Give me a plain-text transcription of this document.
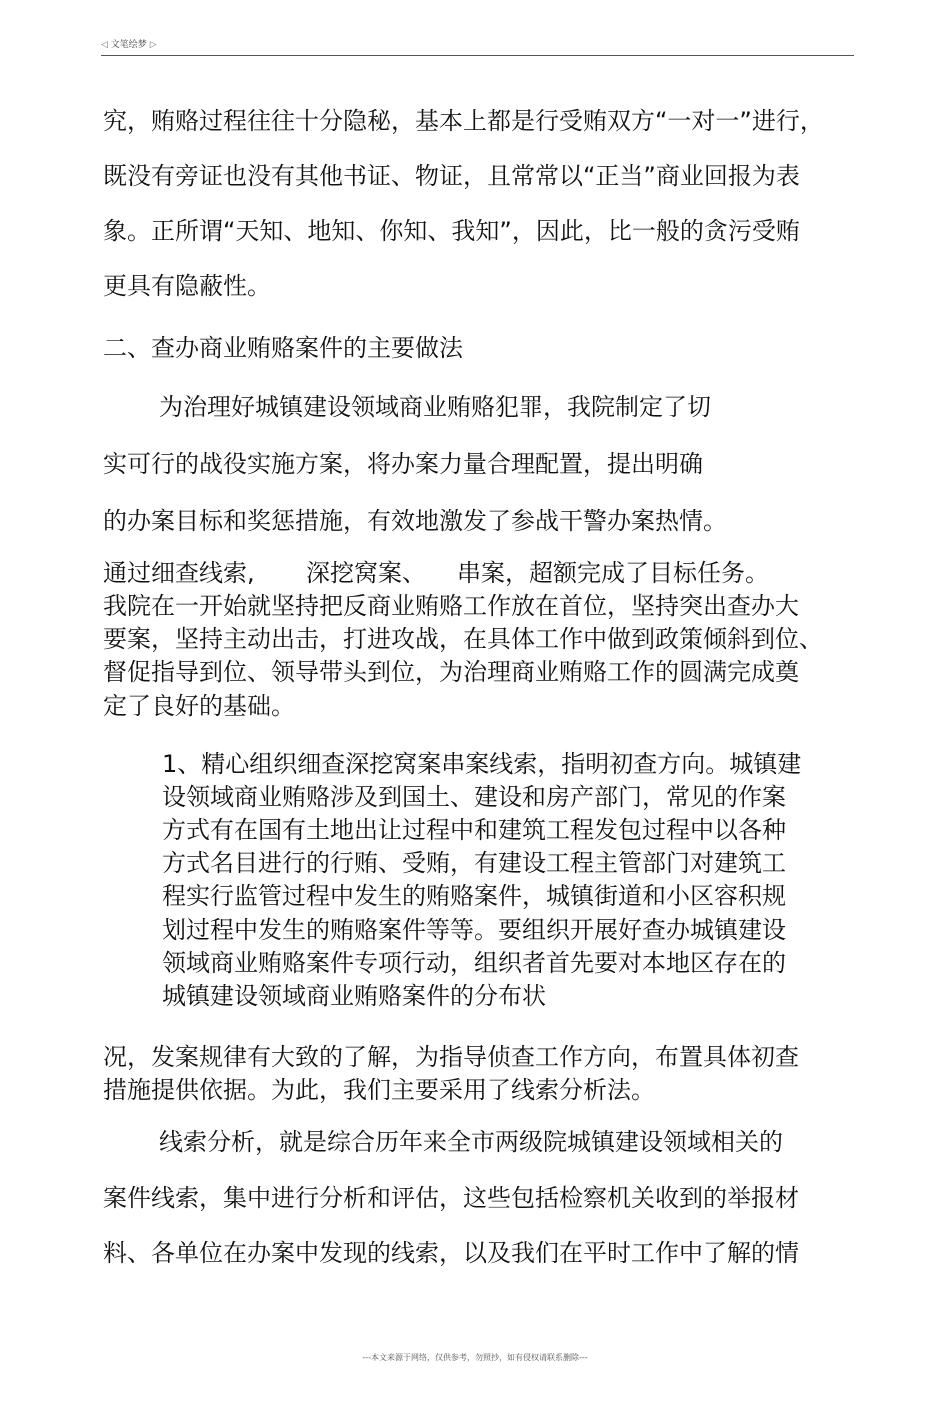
◁ 文笔绘梦 ▷

究，贿赂过程往往十分隐秘，基本上都是行受贿双方“一对一”进行，

既没有旁证也没有其他书证、物证，且常常以“正当”商业回报为表

象。正所谓“天知、地知、你知、我知”，因此，比一般的贪污受贿

更具有隐蔽性。

二、查办商业贿赂案件的主要做法

为治理好城镇建设领域商业贿赂犯罪，我院制定了切

实可行的战役实施方案，将办案力量合理配置，提出明确

的办案目标和奖惩措施，有效地激发了参战干警办案热情。

通过细查线索, 深挖窝案、 串案，超额完成了目标任务。

我院在一开始就坚持把反商业贿赂工作放在首位，坚持突出查办大

要案，坚持主动出击，打进攻战，在具体工作中做到政策倾斜到位、

督促指导到位、领导带头到位，为治理商业贿赂工作的圆满完成奠

定了良好的基础。

1、精心组织细查深挖窝案串案线索，指明初查方向。城镇建

设领域商业贿赂涉及到国土、建设和房产部门，常见的作案

方式有在国有土地出让过程中和建筑工程发包过程中以各种

方式名目进行的行贿、受贿，有建设工程主管部门对建筑工

程实行监管过程中发生的贿赂案件，城镇街道和小区容积规

划过程中发生的贿赂案件等等。要组织开展好查办城镇建设

领域商业贿赂案件专项行动，组织者首先要对本地区存在的

城镇建设领域商业贿赂案件的分布状

况，发案规律有大致的了解，为指导侦查工作方向，布置具体初查

措施提供依据。为此，我们主要采用了线索分析法。

线索分析，就是综合历年来全市两级院城镇建设领域相关的

案件线索，集中进行分析和评估，这些包括检察机关收到的举报材

料、各单位在办案中发现的线索，以及我们在平时工作中了解的情

---本文来源于网络，仅供参考，勿照抄，如有侵权请联系删除---
